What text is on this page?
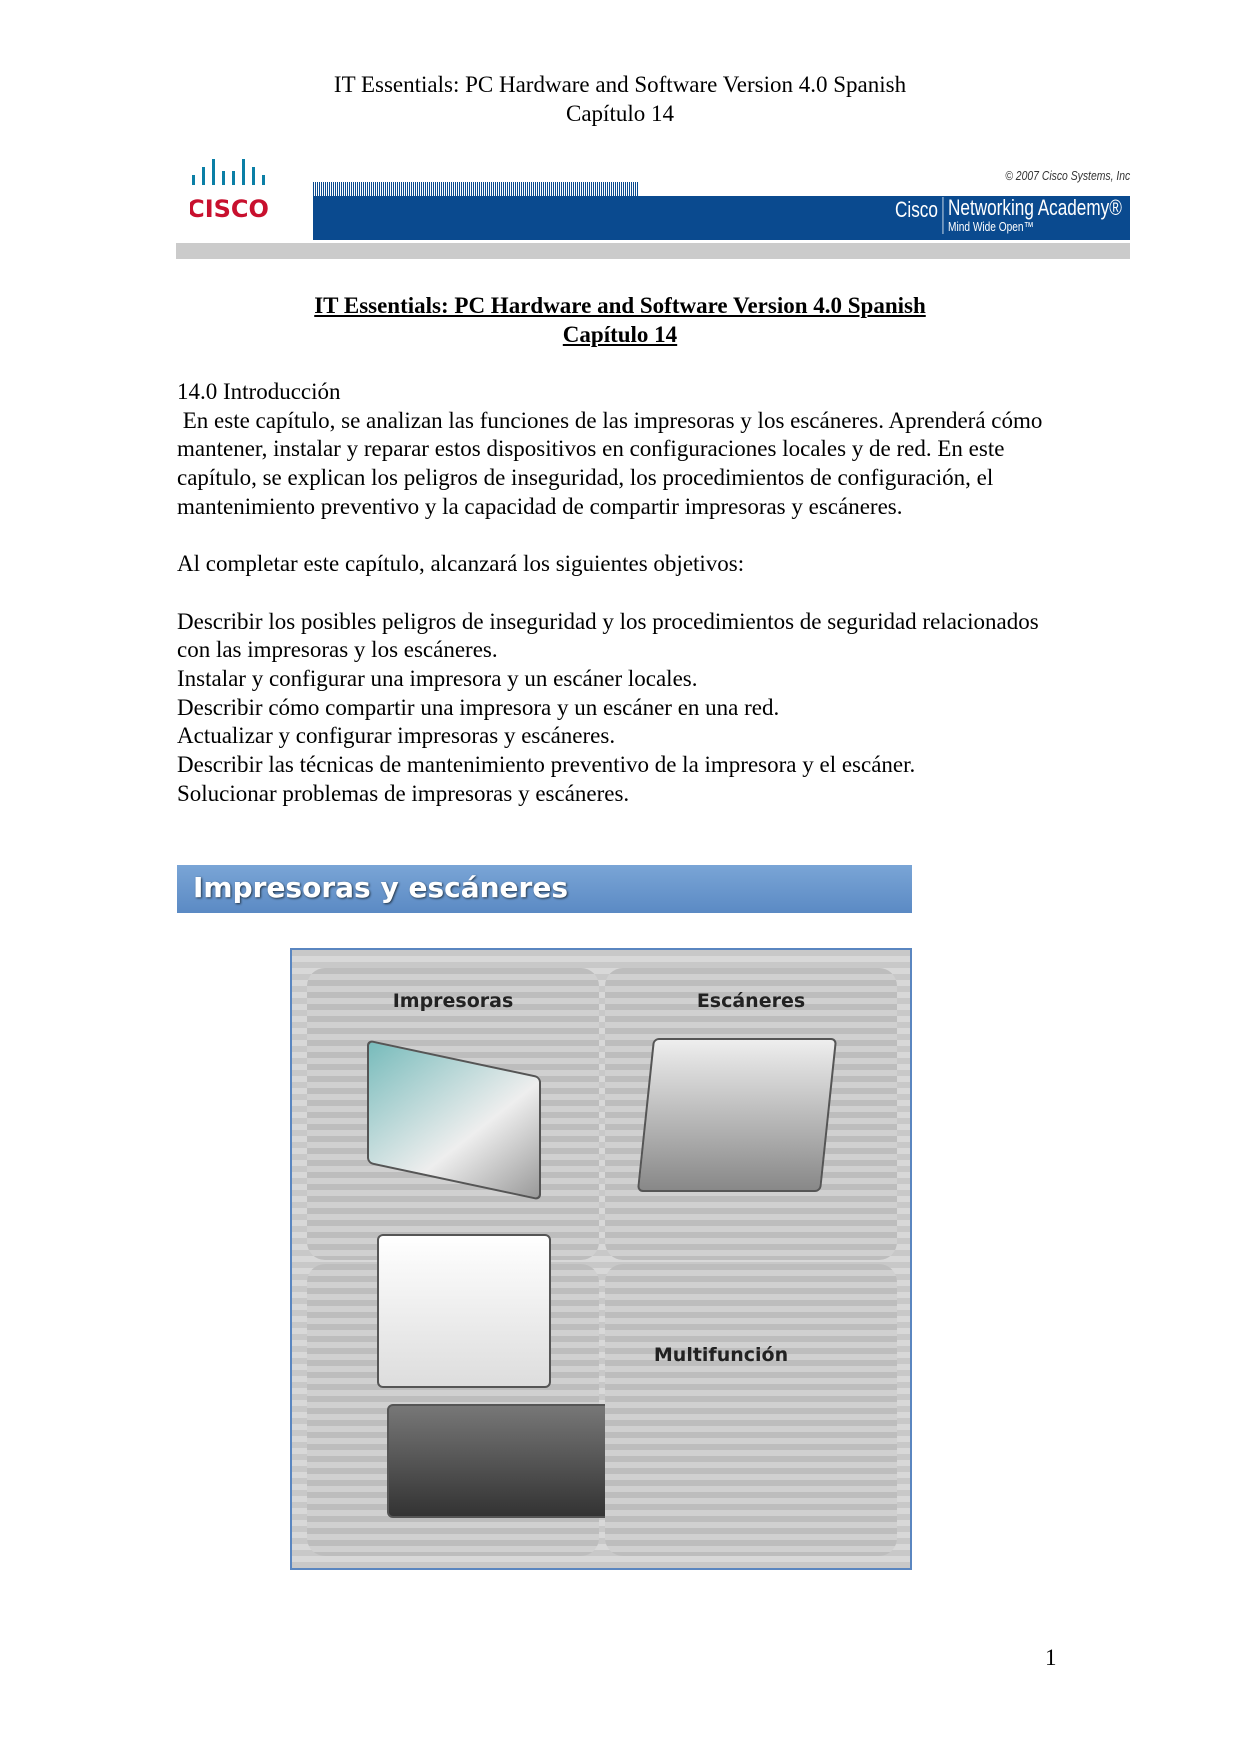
IT Essentials: PC Hardware and Software Version 4.0 Spanish
Capítulo 14
CISCO
© 2007 Cisco Systems, Inc
Cisco Networking Academy®
Mind Wide Open™
IT Essentials: PC Hardware and Software Version 4.0 Spanish
Capítulo 14

14.0 Introducción

En este capítulo, se analizan las funciones de las impresoras y los escáneres. Aprenderá cómo mantener, instalar y reparar estos dispositivos en configuraciones locales y de red. En este capítulo, se explican los peligros de inseguridad, los procedimientos de configuración, el mantenimiento preventivo y la capacidad de compartir impresoras y escáneres.

Al completar este capítulo, alcanzará los siguientes objetivos:

Describir los posibles peligros de inseguridad y los procedimientos de seguridad relacionados con las impresoras y los escáneres.

Instalar y configurar una impresora y un escáner locales.

Describir cómo compartir una impresora y un escáner en una red.

Actualizar y configurar impresoras y escáneres.

Describir las técnicas de mantenimiento preventivo de la impresora y el escáner.

Solucionar problemas de impresoras y escáneres.

Impresoras y escáneres
Impresoras	Escáneres
Multifunción
1
